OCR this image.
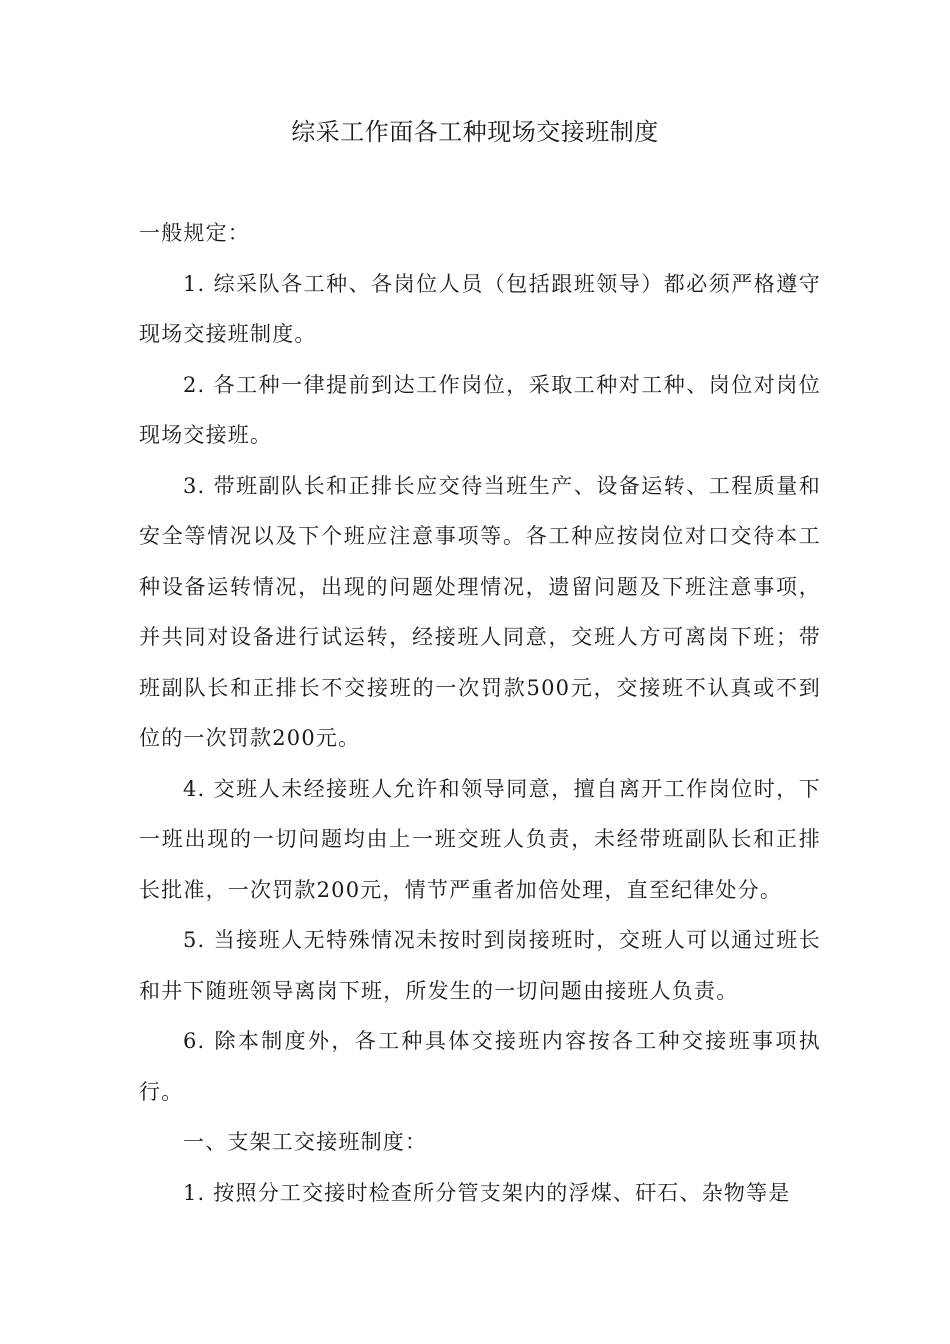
综采工作面各工种现场交接班制度

一般规定：

1. 综采队各工种、各岗位人员（包括跟班领导）都必须严格遵守现场交接班制度。

2. 各工种一律提前到达工作岗位，采取工种对工种、岗位对岗位现场交接班。

3. 带班副队长和正排长应交待当班生产、设备运转、工程质量和安全等情况以及下个班应注意事项等。各工种应按岗位对口交待本工种设备运转情况，出现的问题处理情况，遗留问题及下班注意事项，并共同对设备进行试运转，经接班人同意，交班人方可离岗下班；带班副队长和正排长不交接班的一次罚款500元，交接班不认真或不到位的一次罚款200元。

4. 交班人未经接班人允许和领导同意，擅自离开工作岗位时，下一班出现的一切问题均由上一班交班人负责，未经带班副队长和正排长批准，一次罚款200元，情节严重者加倍处理，直至纪律处分。

5. 当接班人无特殊情况未按时到岗接班时，交班人可以通过班长和井下随班领导离岗下班，所发生的一切问题由接班人负责。

6. 除本制度外，各工种具体交接班内容按各工种交接班事项执行。

一、支架工交接班制度：

1. 按照分工交接时检查所分管支架内的浮煤、矸石、杂物等是
